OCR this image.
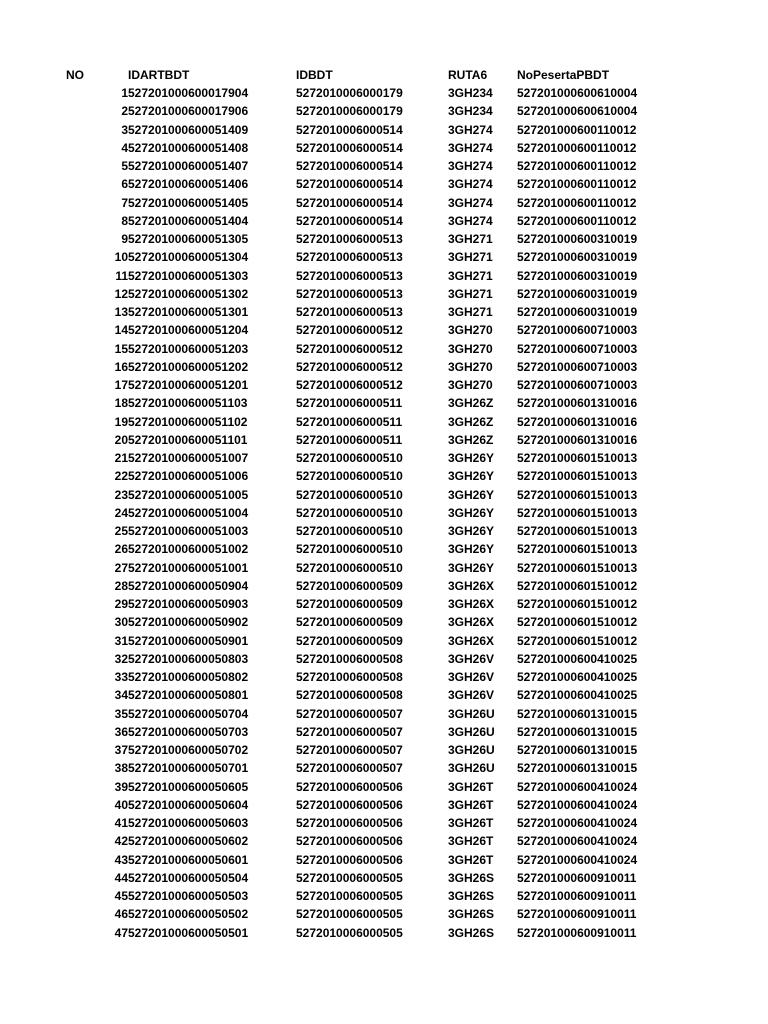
NO	IDARTBDT	IDBDT	RUTA6 NoPesertaPBDT
1 527201000600017904	5272010006000179	3GH234 527201000600610004
2 527201000600017906	5272010006000179	3GH234 527201000600610004
3 527201000600051409	5272010006000514	3GH274 527201000600110012
4 527201000600051408	5272010006000514	3GH274 527201000600110012
5 527201000600051407	5272010006000514	3GH274 527201000600110012
6 527201000600051406	5272010006000514	3GH274 527201000600110012
7 527201000600051405	5272010006000514	3GH274 527201000600110012
8 527201000600051404	5272010006000514	3GH274 527201000600110012
9 527201000600051305	5272010006000513	3GH271 527201000600310019
10 527201000600051304	5272010006000513	3GH271 527201000600310019
11 527201000600051303	5272010006000513	3GH271 527201000600310019
12 527201000600051302	5272010006000513	3GH271 527201000600310019
13 527201000600051301	5272010006000513	3GH271 527201000600310019
14 527201000600051204	5272010006000512	3GH270 527201000600710003
15 527201000600051203	5272010006000512	3GH270 527201000600710003
16 527201000600051202	5272010006000512	3GH270 527201000600710003
17 527201000600051201	5272010006000512	3GH270 527201000600710003
18 527201000600051103	5272010006000511	3GH26Z 527201000601310016
19 527201000600051102	5272010006000511	3GH26Z 527201000601310016
20 527201000600051101	5272010006000511	3GH26Z 527201000601310016
21 527201000600051007	5272010006000510	3GH26Y 527201000601510013
22 527201000600051006	5272010006000510	3GH26Y 527201000601510013
23 527201000600051005	5272010006000510	3GH26Y 527201000601510013
24 527201000600051004	5272010006000510	3GH26Y 527201000601510013
25 527201000600051003	5272010006000510	3GH26Y 527201000601510013
26 527201000600051002	5272010006000510	3GH26Y 527201000601510013
27 527201000600051001	5272010006000510	3GH26Y 527201000601510013
28 527201000600050904	5272010006000509	3GH26X 527201000601510012
29 527201000600050903	5272010006000509	3GH26X 527201000601510012
30 527201000600050902	5272010006000509	3GH26X 527201000601510012
31 527201000600050901	5272010006000509	3GH26X 527201000601510012
32 527201000600050803	5272010006000508	3GH26V 527201000600410025
33 527201000600050802	5272010006000508	3GH26V 527201000600410025
34 527201000600050801	5272010006000508	3GH26V 527201000600410025
35 527201000600050704	5272010006000507	3GH26U 527201000601310015
36 527201000600050703	5272010006000507	3GH26U 527201000601310015
37 527201000600050702	5272010006000507	3GH26U 527201000601310015
38 527201000600050701	5272010006000507	3GH26U 527201000601310015
39 527201000600050605	5272010006000506	3GH26T 527201000600410024
40 527201000600050604	5272010006000506	3GH26T 527201000600410024
41 527201000600050603	5272010006000506	3GH26T 527201000600410024
42 527201000600050602	5272010006000506	3GH26T 527201000600410024
43 527201000600050601	5272010006000506	3GH26T 527201000600410024
44 527201000600050504	5272010006000505	3GH26S 527201000600910011
45 527201000600050503	5272010006000505	3GH26S 527201000600910011
46 527201000600050502	5272010006000505	3GH26S 527201000600910011
47 527201000600050501	5272010006000505	3GH26S 527201000600910011
